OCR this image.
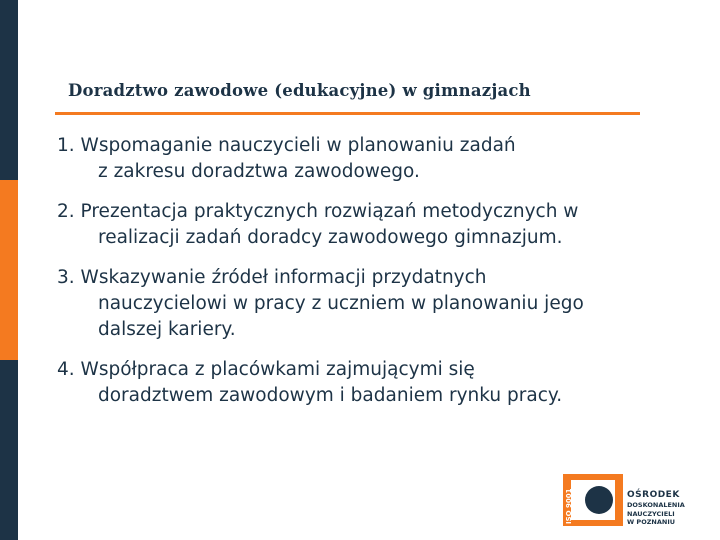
Doradztwo zawodowe (edukacyjne) w gimnazjach
1. Wspomaganie nauczycieli w planowaniu zadań
z zakresu doradztwa zawodowego.
2. Prezentacja praktycznych rozwiązań metodycznych w
realizacji zadań doradcy zawodowego gimnazjum.
3. Wskazywanie źródeł informacji przydatnych
nauczycielowi w pracy z uczniem w planowaniu jego
dalszej kariery.
4. Współpraca z placówkami zajmującymi się
doradztwem zawodowym i badaniem rynku pracy.
ISO 9001	OŚRODEK
DOSKONALENIA
NAUCZYCIELI
W POZNANIU
